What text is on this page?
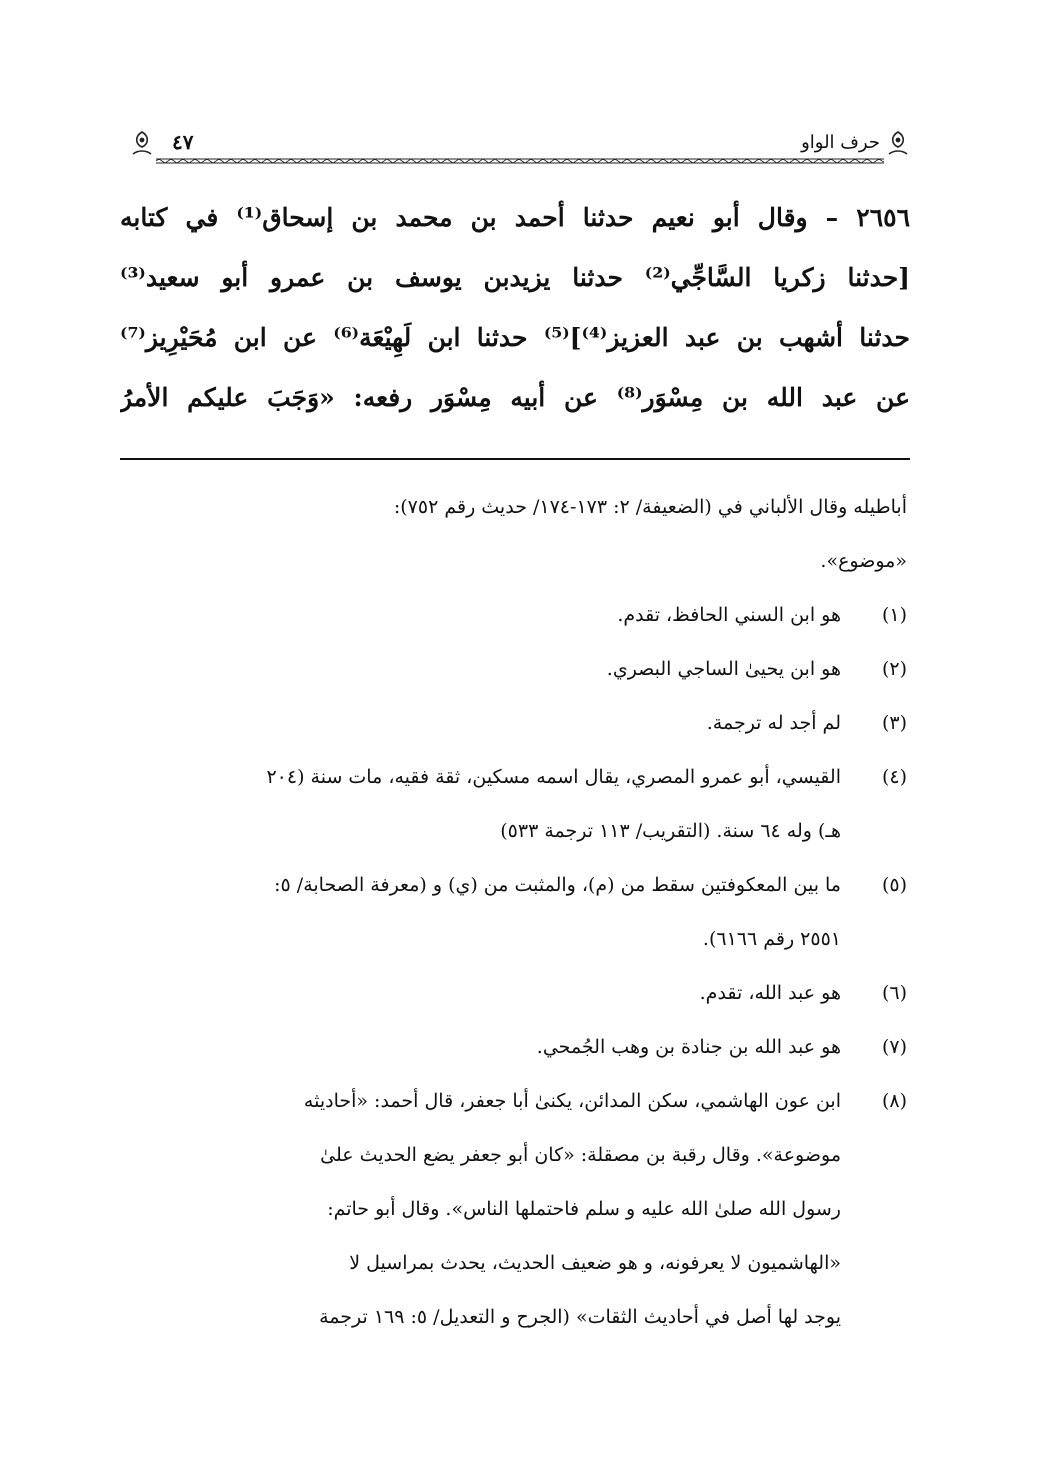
حرف الواو
٤٧
٢٦٥٦ – وقال أبو نعيم حدثنا أحمد بن محمد بن إسحاق⁽¹⁾ في كتابه
[حدثنا زكريا السَّاجِّي⁽²⁾ حدثنا يزيدبن يوسف بن عمرو أبو سعيد⁽³⁾
حدثنا أشهب بن عبد العزيز⁽⁴⁾]⁽⁵⁾ حدثنا ابن لَهِيْعَة⁽⁶⁾ عن ابن مُحَيْرِيز⁽⁷⁾
عن عبد الله بن مِسْوَر⁽⁸⁾ عن أبيه مِسْوَر رفعه: «وَجَبَ عليكم الأمرُ
أباطيله وقال الألباني في (الضعيفة/ ٢: ١٧٣-١٧٤/ حديث رقم ٧٥٢):
«موضوع».
(١)
هو ابن السني الحافظ، تقدم.
(٢)
هو ابن يحيىٰ الساجي البصري.
(٣)
لم أجد له ترجمة.
(٤)
القيسي، أبو عمرو المصري، يقال اسمه مسكين، ثقة فقيه، مات سنة (٢٠٤
هـ) وله ٦٤ سنة. (التقريب/ ١١٣ ترجمة ٥٣٣)
(٥)
ما بين المعكوفتين سقط من (م)، والمثبت من (ي) و (معرفة الصحابة/ ٥:
٢٥٥١ رقم ٦١٦٦).
(٦)
هو عبد الله، تقدم.
(٧)
هو عبد الله بن جنادة بن وهب الجُمحي.
(٨)
ابن عون الهاشمي، سكن المدائن، يكنىٰ أبا جعفر، قال أحمد: «أحاديثه
موضوعة». وقال رقبة بن مصقلة: «كان أبو جعفر يضع الحديث علىٰ
رسول الله صلىٰ الله عليه و سلم فاحتملها الناس». وقال أبو حاتم:
«الهاشميون لا يعرفونه، و هو ضعيف الحديث، يحدث بمراسيل لا
يوجد لها أصل في أحاديث الثقات» (الجرح و التعديل/ ٥: ١٦٩ ترجمة
